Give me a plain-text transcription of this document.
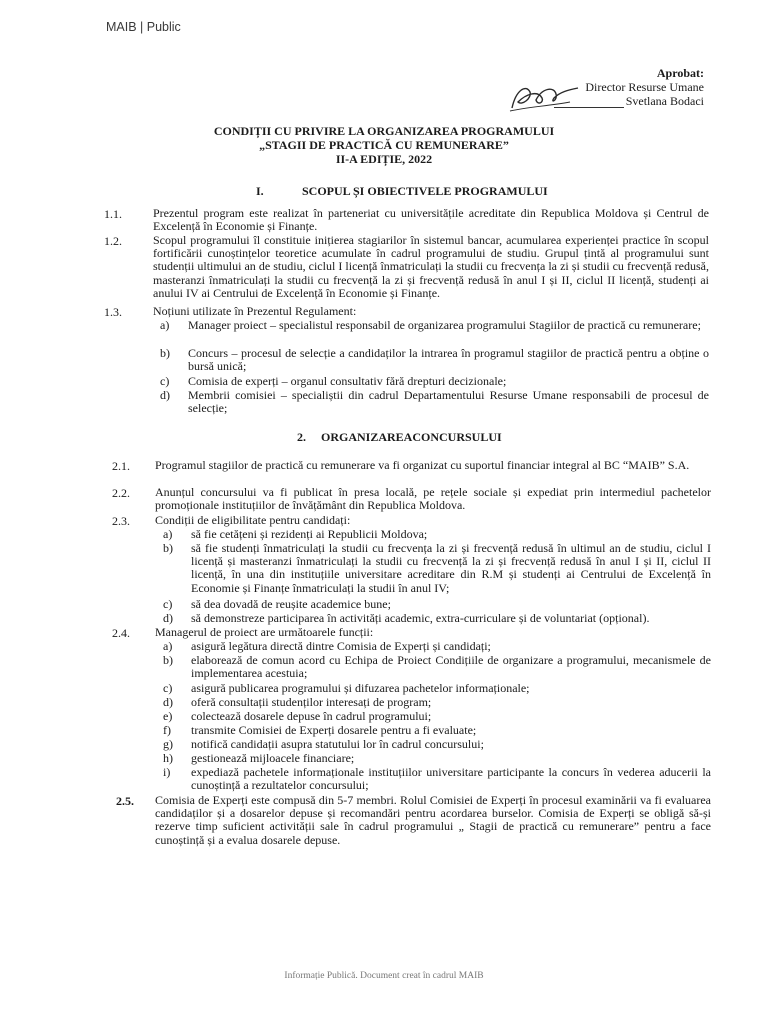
MAIB | Public
Aprobat:
Director Resurse Umane
Svetlana Bodaci
CONDIȚII CU PRIVIRE LA ORGANIZAREA PROGRAMULUI
„STAGII DE PRACTICĂ CU REMUNERARE”
II-A EDIȚIE, 2022
I.	SCOPUL ȘI OBIECTIVELE PROGRAMULUI
1.1.	Prezentul program este realizat în parteneriat cu universitățile acreditate din Republica Moldova și Centrul de Excelență în Economie și Finanțe.
1.2.	Scopul programului îl constituie inițierea stagiarilor în sistemul bancar, acumularea experienței practice în scopul fortificării cunoștințelor teoretice acumulate în cadrul programului de studiu. Grupul țintă al programului sunt studenții ultimului an de studiu, ciclul I licență înmatriculați la studii cu frecvența la zi și studii cu frecvență redusă, masteranzi înmatriculați la studii cu frecvență la zi și frecvență redusă în anul I și II, ciclul II licență, studenți ai anului IV ai Centrului de Excelență în Economie și Finanțe.
1.3.	Noțiuni utilizate în Prezentul Regulament:
a) Manager proiect – specialistul responsabil de organizarea programului Stagiilor de practică cu remunerare;
b) Concurs – procesul de selecție a candidaților la intrarea în programul stagiilor de practică pentru a obține o bursă unică;
c) Comisia de experți – organul consultativ fără drepturi decizionale;
d) Membrii comisiei – specialiștii din cadrul Departamentului Resurse Umane responsabili de procesul de selecție;
2. ORGANIZAREACONCURSULUI
2.1. Programul stagiilor de practică cu remunerare va fi organizat cu suportul financiar integral al BC “MAIB” S.A.
2.2. Anunțul concursului va fi publicat în presa locală, pe rețele sociale și expediat prin intermediul pachetelor promoționale instituțiilor de învățământ din Republica Moldova.
2.3. Condiții de eligibilitate pentru candidați:
a) să fie cetățeni și rezidenți ai Republicii Moldova;
b) să fie studenți înmatriculați la studii cu frecvența la zi și frecvență redusă în ultimul an de studiu, ciclul I licență și masteranzi înmatriculați la studii cu frecvență la zi și frecvență redusă în anul I și II, ciclul II licență, în una din instituțiile universitare acreditare din R.M și studenți ai Centrului de Excelență în Economie și Finanțe înmatriculați la studii în anul IV;
c) să dea dovadă de reușite academice bune;
d) să demonstreze participarea în activități academic, extra-curriculare și de voluntariat (opțional).
2.4. Managerul de proiect are următoarele funcții:
a) asigură legătura directă dintre Comisia de Experți și candidați;
b) elaborează de comun acord cu Echipa de Proiect Condițiile de organizare a programului, mecanismele de implementarea acestuia;
c) asigură publicarea programului și difuzarea pachetelor informaționale;
d) oferă consultații studenților interesați de program;
e) colectează dosarele depuse în cadrul programului;
f) transmite Comisiei de Experți dosarele pentru a fi evaluate;
g) notifică candidații asupra statutului lor în cadrul concursului;
h) gestionează mijloacele financiare;
i) expediază pachetele informaționale instituțiilor universitare participante la concurs în vederea aducerii la cunoștință a rezultatelor concursului;
2.5. Comisia de Experți este compusă din 5-7 membri. Rolul Comisiei de Experți în procesul examinării va fi evaluarea candidaților și a dosarelor depuse și recomandări pentru acordarea burselor. Comisia de Experți se obligă să-și rezerve timp suficient activității sale în cadrul programului „ Stagii de practică cu remunerare” pentru a face cunoștință și a evalua dosarele depuse.
Informație Publică. Document creat în cadrul MAIB
